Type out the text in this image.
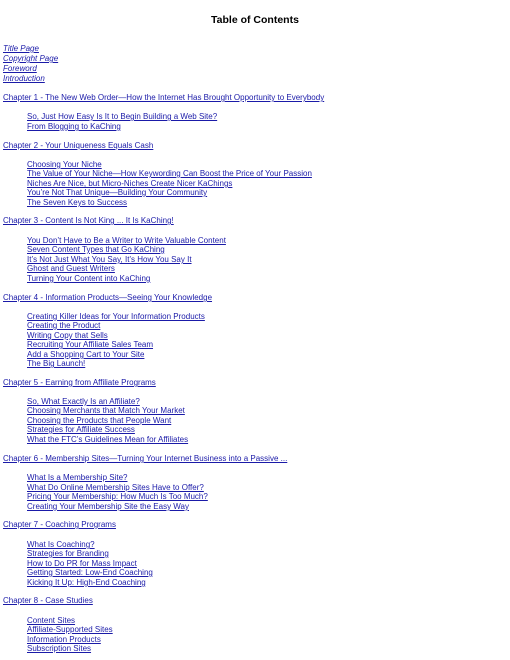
Table of Contents
Title Page
Copyright Page
Foreword
Introduction
Chapter 1 - The New Web Order—How the Internet Has Brought Opportunity to Everybody
So, Just How Easy Is It to Begin Building a Web Site?
From Blogging to KaChing
Chapter 2 - Your Uniqueness Equals Cash
Choosing Your Niche
The Value of Your Niche—How Keywording Can Boost the Price of Your Passion
Niches Are Nice, but Micro-Niches Create Nicer KaChings
You’re Not That Unique—Building Your Community
The Seven Keys to Success
Chapter 3 - Content Is Not King ... It Is KaChing!
You Don’t Have to Be a Writer to Write Valuable Content
Seven Content Types that Go KaChing
It’s Not Just What You Say, It’s How You Say It
Ghost and Guest Writers
Turning Your Content into KaChing
Chapter 4 - Information Products—Seeing Your Knowledge
Creating Killer Ideas for Your Information Products
Creating the Product
Writing Copy that Sells
Recruiting Your Affiliate Sales Team
Add a Shopping Cart to Your Site
The Big Launch!
Chapter 5 - Earning from Affiliate Programs
So, What Exactly Is an Affiliate?
Choosing Merchants that Match Your Market
Choosing the Products that People Want
Strategies for Affiliate Success
What the FTC’s Guidelines Mean for Affiliates
Chapter 6 - Membership Sites—Turning Your Internet Business into a Passive ...
What Is a Membership Site?
What Do Online Membership Sites Have to Offer?
Pricing Your Membership: How Much Is Too Much?
Creating Your Membership Site the Easy Way
Chapter 7 - Coaching Programs
What Is Coaching?
Strategies for Branding
How to Do PR for Mass Impact
Getting Started: Low-End Coaching
Kicking It Up: High-End Coaching
Chapter 8 - Case Studies
Content Sites
Affiliate-Supported Sites
Information Products
Subscription Sites
